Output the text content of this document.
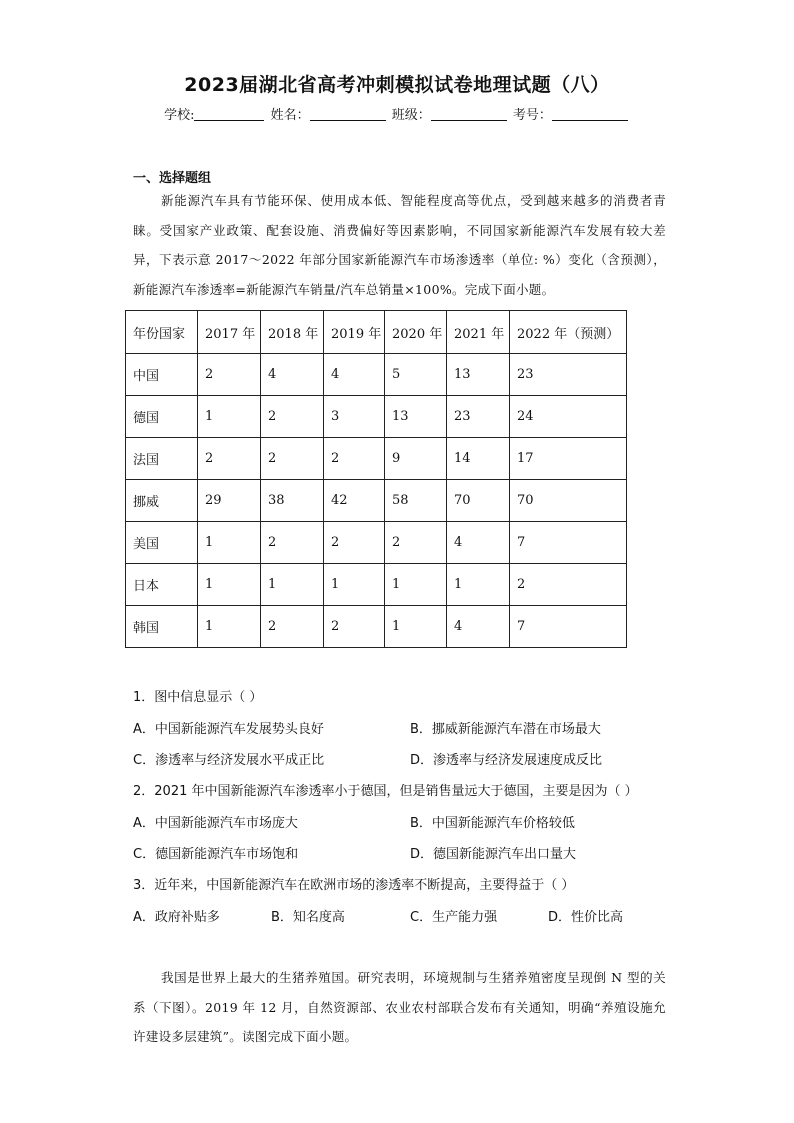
2023届湖北省高考冲刺模拟试卷地理试题（八）
学校:	姓名：	班级：	考号：
一、选择题组
新能源汽车具有节能环保、使用成本低、智能程度高等优点，受到越来越多的消费者青睐。受国家产业政策、配套设施、消费偏好等因素影响，不同国家新能源汽车发展有较大差异，下表示意 2017～2022 年部分国家新能源汽车市场渗透率（单位: %）变化（含预测），新能源汽车渗透率=新能源汽车销量/汽车总销量×100%。完成下面小题。
年份国家	2017 年	2018 年	2019 年	2020 年	2021 年	2022 年（预测）
中国	2	4	4	5	13	23
德国	1	2	3	13	23	24
法国	2	2	2	9	14	17
挪威	29	38	42	58	70	70
美国	1	2	2	2	4	7
日本	1	1	1	1	1	2
韩国	1	2	2	1	4	7
1．图中信息显示（ ）
A．中国新能源汽车发展势头良好	B．挪威新能源汽车潜在市场最大
C．渗透率与经济发展水平成正比	D．渗透率与经济发展速度成反比
2．2021 年中国新能源汽车渗透率小于德国，但是销售量远大于德国，主要是因为（ ）
A．中国新能源汽车市场庞大	B．中国新能源汽车价格较低
C．德国新能源汽车市场饱和	D．德国新能源汽车出口量大
3．近年来，中国新能源汽车在欧洲市场的渗透率不断提高，主要得益于（ ）
A．政府补贴多	B．知名度高	C．生产能力强	D．性价比高
我国是世界上最大的生猪养殖国。研究表明，环境规制与生猪养殖密度呈现倒 N 型的关系（下图）。2019 年 12 月，自然资源部、农业农村部联合发布有关通知，明确“养殖设施允许建设多层建筑”。读图完成下面小题。
